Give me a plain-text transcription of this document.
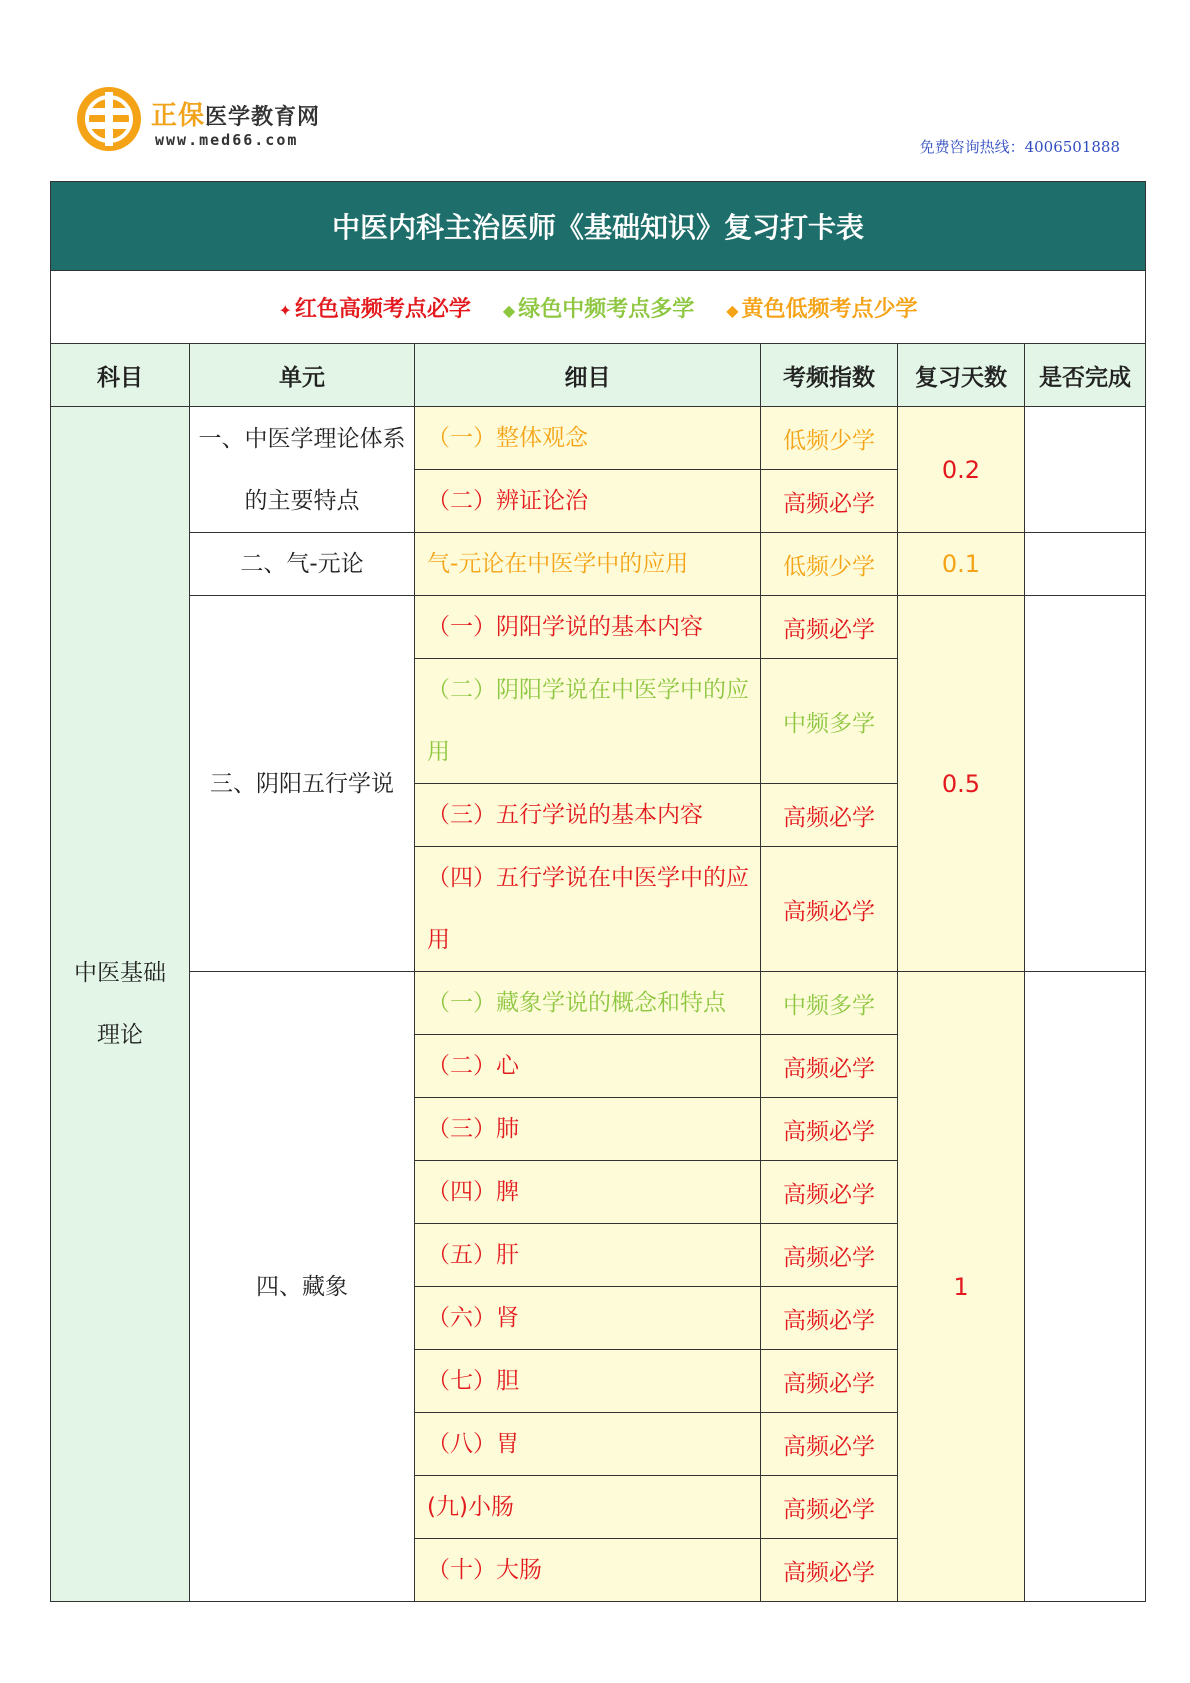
正保医学教育网
www.med66.com	免费咨询热线：4006501888
中医内科主治医师《基础知识》复习打卡表					
✦ 红色高频考点必学 ◆ 绿色中频考点多学 ◆ 黄色低频考点少学					
科目	单元	细目	考频指数	复习天数	是否完成
中医基础理论	一、中医学理论体系的主要特点	（一）整体观念	低频少学	0.2	
		（二）辨证论治	高频必学		
	二、气-元论	气-元论在中医学中的应用	低频少学	0.1	
	三、阴阳五行学说	（一）阴阳学说的基本内容	高频必学	0.5	
		（二）阴阳学说在中医学中的应用	中频多学		
		（三）五行学说的基本内容	高频必学		
		（四）五行学说在中医学中的应用	高频必学		
	四、藏象	（一）藏象学说的概念和特点	中频多学	1	
		（二）心	高频必学		
		（三）肺	高频必学		
		（四）脾	高频必学		
		（五）肝	高频必学		
		（六）肾	高频必学		
		（七）胆	高频必学		
		（八）胃	高频必学		
		(九)小肠	高频必学		
		（十）大肠	高频必学		
